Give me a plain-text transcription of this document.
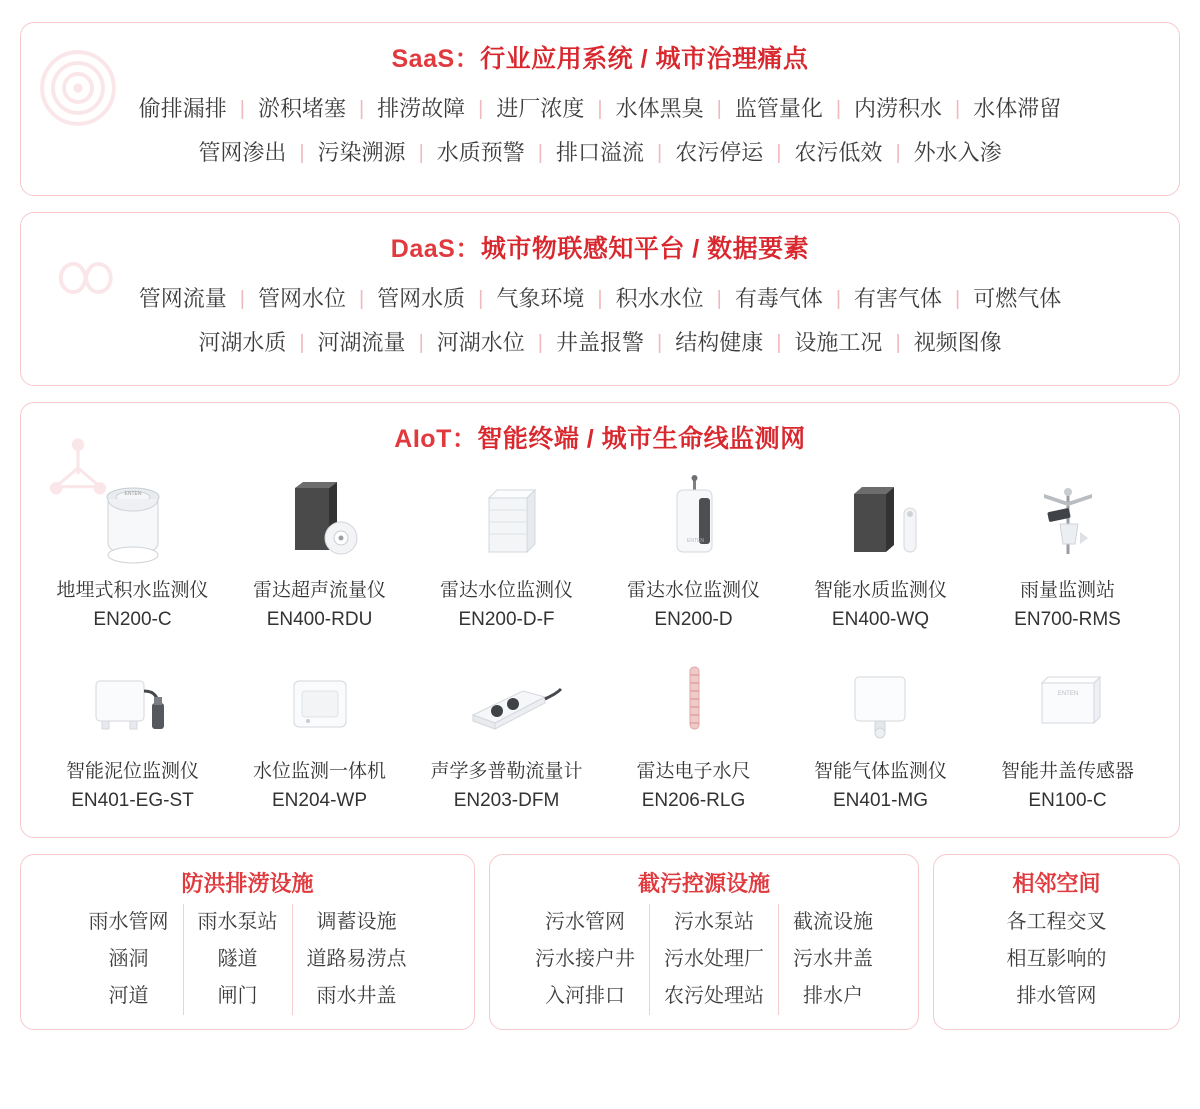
SaaS：行业应用系统 / 城市治理痛点
偷排漏排 | 淤积堵塞 | 排涝故障 | 进厂浓度 | 水体黑臭 | 监管量化 | 内涝积水 | 水体滞留
管网渗出 | 污染溯源 | 水质预警 | 排口溢流 | 农污停运 | 农污低效 | 外水入渗
DaaS：城市物联感知平台 / 数据要素
管网流量 | 管网水位 | 管网水质 | 气象环境 | 积水水位 | 有毒气体 | 有害气体 | 可燃气体
河湖水质 | 河湖流量 | 河湖水位 | 井盖报警 | 结构健康 | 设施工况 | 视频图像
AIoT：智能终端 / 城市生命线监测网
ENTEN
地埋式积水监测仪
EN200-C
雷达超声流量仪
EN400-RDU
雷达水位监测仪
EN200-D-F
ENTEN
雷达水位监测仪
EN200-D
智能水质监测仪
EN400-WQ
雨量监测站
EN700-RMS
智能泥位监测仪
EN401-EG-ST
水位监测一体机
EN204-WP
声学多普勒流量计
EN203-DFM
雷达电子水尺
EN206-RLG
智能气体监测仪
EN401-MG
ENTEN
智能井盖传感器
EN100-C
防洪排涝设施
雨水管网
涵洞
河道
雨水泵站
隧道
闸门
调蓄设施
道路易涝点
雨水井盖
截污控源设施
污水管网
污水接户井
入河排口
污水泵站
污水处理厂
农污处理站
截流设施
污水井盖
排水户
相邻空间
各工程交叉
相互影响的
排水管网
